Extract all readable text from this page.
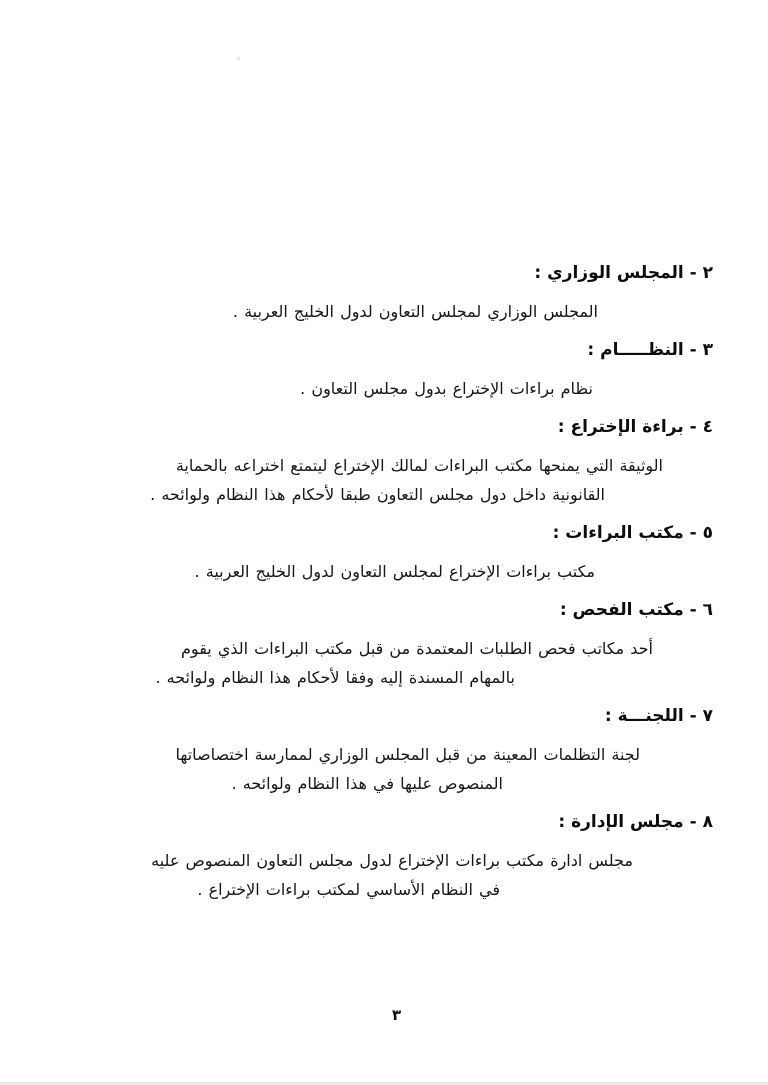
٢ - المجلس الوزاري :

المجلس الوزاري لمجلس التعاون لدول الخليج العربية .

٣ - النظـــــام :

نظام براءات الإختراع بدول مجلس التعاون .

٤ - براءة الإختراع :

الوثيقة التي يمنحها مكتب البراءات لمالك الإختراع ليتمتع اختراعه بالحماية

القانونية داخل دول مجلس التعاون طبقا لأحكام هذا النظام ولوائحه .

٥ - مكتب البراءات :

مكتب براءات الإختراع لمجلس التعاون لدول الخليج العربية .

٦ - مكتب الفحص :

أحد مكاتب فحص الطلبات المعتمدة من قبل مكتب البراءات الذي يقوم

بالمهام المسندة إليه وفقا لأحكام هذا النظام ولوائحه .

٧ - اللجنـــة :

لجنة التظلمات المعينة من قبل المجلس الوزاري لممارسة اختصاصاتها

المنصوص عليها في هذا النظام ولوائحه .

٨ - مجلس الإدارة :

مجلس ادارة مكتب براءات الإختراع لدول مجلس التعاون المنصوص عليه

في النظام الأساسي لمكتب براءات الإختراع .

٣
